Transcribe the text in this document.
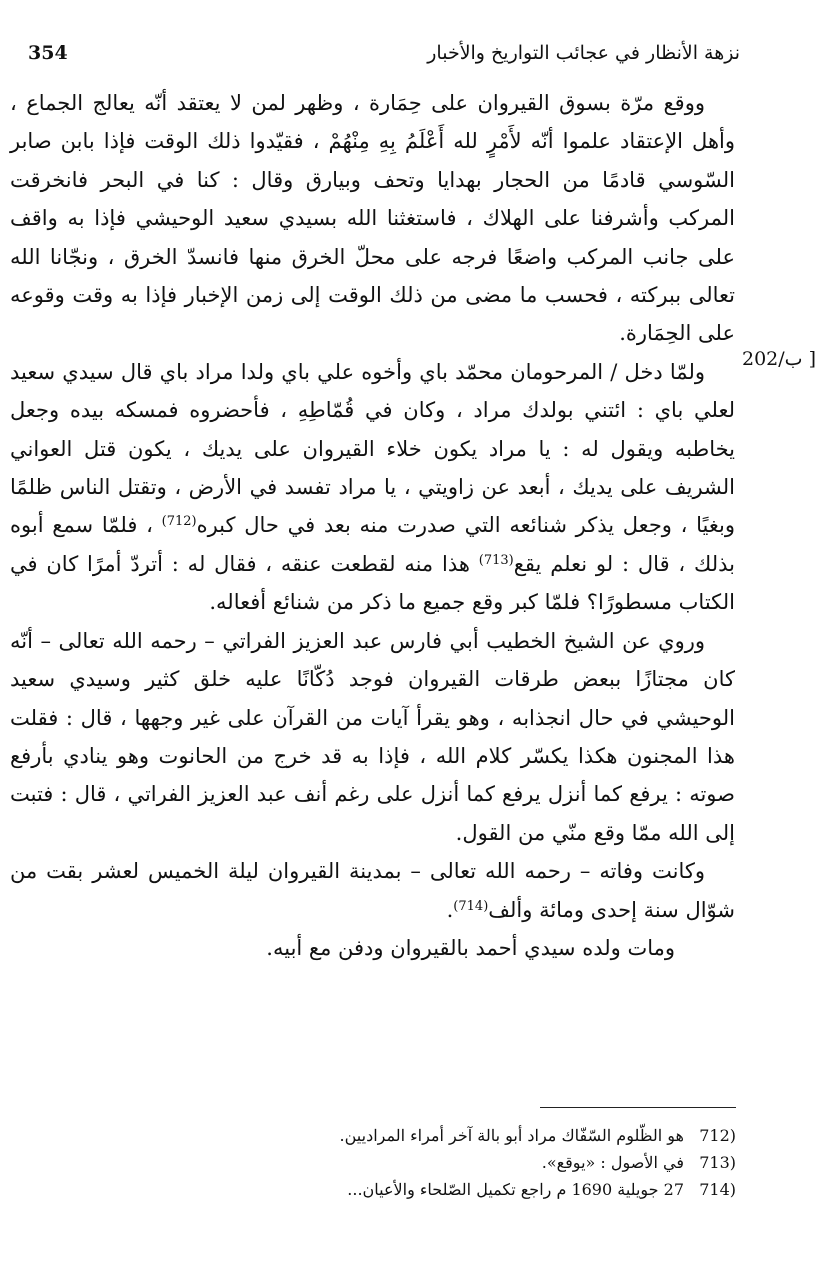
نزهة الأنظار في عجائب التواريخ والأخبار
354
202/ب ]

ووقع مرّة بسوق القيروان على حِمَارة ، وظهر لمن لا يعتقد أنّه يعالج الجماع ، وأهل الإعتقاد علموا أنّه لأَمْرٍ لله أَعْلَمُ بِهِ مِنْهُمْ ، فقيّدوا ذلك الوقت فإذا بابن صابر السّوسي قادمًا من الحجار بهدايا وتحف وبيارق وقال : كنا في البحر فانخرقت المركب وأشرفنا على الهلاك ، فاستغثنا الله بسيدي سعيد الوحيشي فإذا به واقف على جانب المركب واضعًا فرجه على محلّ الخرق منها فانسدّ الخرق ، ونجّانا الله تعالى ببركته ، فحسب ما مضى من ذلك الوقت إلى زمن الإخبار فإذا به وقت وقوعه على الحِمَارة.

ولمّا دخل / المرحومان محمّد باي وأخوه علي باي ولدا مراد باي قال سيدي سعيد لعلي باي : ائتني بولدك مراد ، وكان في قُمّاطِهِ ، فأحضروه فمسكه بيده وجعل يخاطبه ويقول له : يا مراد يكون خلاء القيروان على يديك ، يكون قتل العواني الشريف على يديك ، أبعد عن زاويتي ، يا مراد تفسد في الأرض ، وتقتل الناس ظلمًا وبغيًا ، وجعل يذكر شنائعه التي صدرت منه بعد في حال كبره$^{(712)}$ ، فلمّا سمع أبوه بذلك ، قال : لو نعلم يقع$^{(713)}$ هذا منه لقطعت عنقه ، فقال له : أتردّ أمرًا كان في الكتاب مسطورًا؟ فلمّا كبر وقع جميع ما ذكر من شنائع أفعاله.

وروي عن الشيخ الخطيب أبي فارس عبد العزيز الفراتي – رحمه الله تعالى – أنّه كان مجتازًا ببعض طرقات القيروان فوجد دُكّانًا عليه خلق كثير وسيدي سعيد الوحيشي في حال انجذابه ، وهو يقرأ آيات من القرآن على غير وجهها ، قال : فقلت هذا المجنون هكذا يكسّر كلام الله ، فإذا به قد خرج من الحانوت وهو ينادي بأرفع صوته : يرفع كما أنزل يرفع كما أنزل على رغم أنف عبد العزيز الفراتي ، قال : فتبت إلى الله ممّا وقع منّي من القول.

وكانت وفاته – رحمه الله تعالى – بمدينة القيروان ليلة الخميس لعشر بقت من شوّال سنة إحدى ومائة وألف$^{(714)}$.

ومات ولده سيدي أحمد بالقيروان ودفن مع أبيه.

712)
هو الظّلوم السّفّاك مراد أبو بالة آخر أمراء المراديين.
713)
في الأصول : «يوقع».
714)
27 جويلية 1690 م راجع تكميل الصّلحاء والأعيان...
